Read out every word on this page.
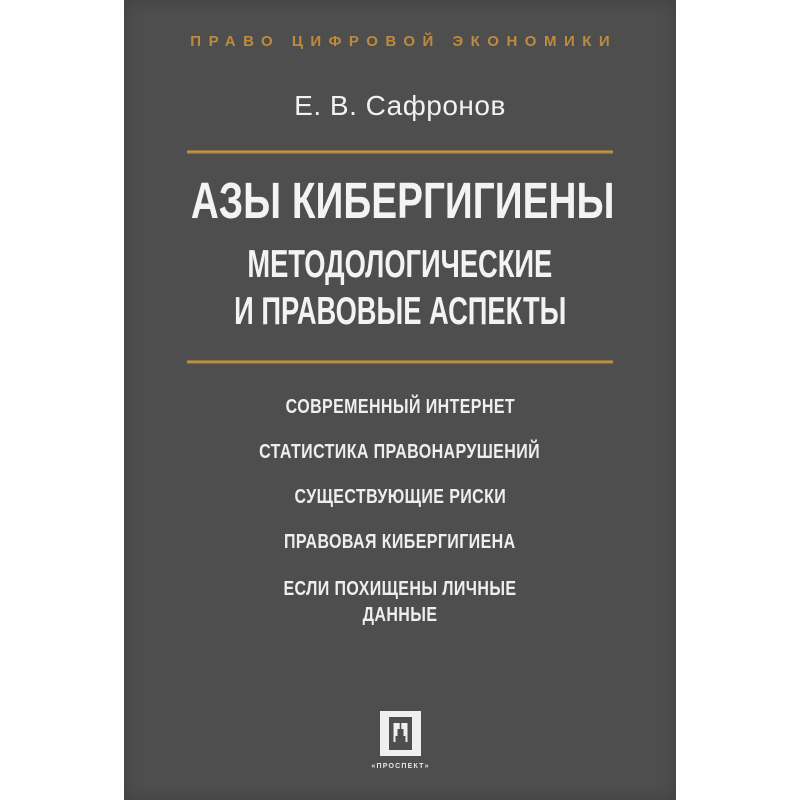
ПРАВО ЦИФРОВОЙ ЭКОНОМИКИ
Е. В. Сафронов
АЗЫ КИБЕРГИГИЕНЫ
МЕТОДОЛОГИЧЕСКИЕ
И ПРАВОВЫЕ АСПЕКТЫ
СОВРЕМЕННЫЙ ИНТЕРНЕТ
СТАТИСТИКА ПРАВОНАРУШЕНИЙ
СУЩЕСТВУЮЩИЕ РИСКИ
ПРАВОВАЯ КИБЕРГИГИЕНА
ЕСЛИ ПОХИЩЕНЫ ЛИЧНЫЕ ДАННЫЕ
«ПРОСПЕКТ»
